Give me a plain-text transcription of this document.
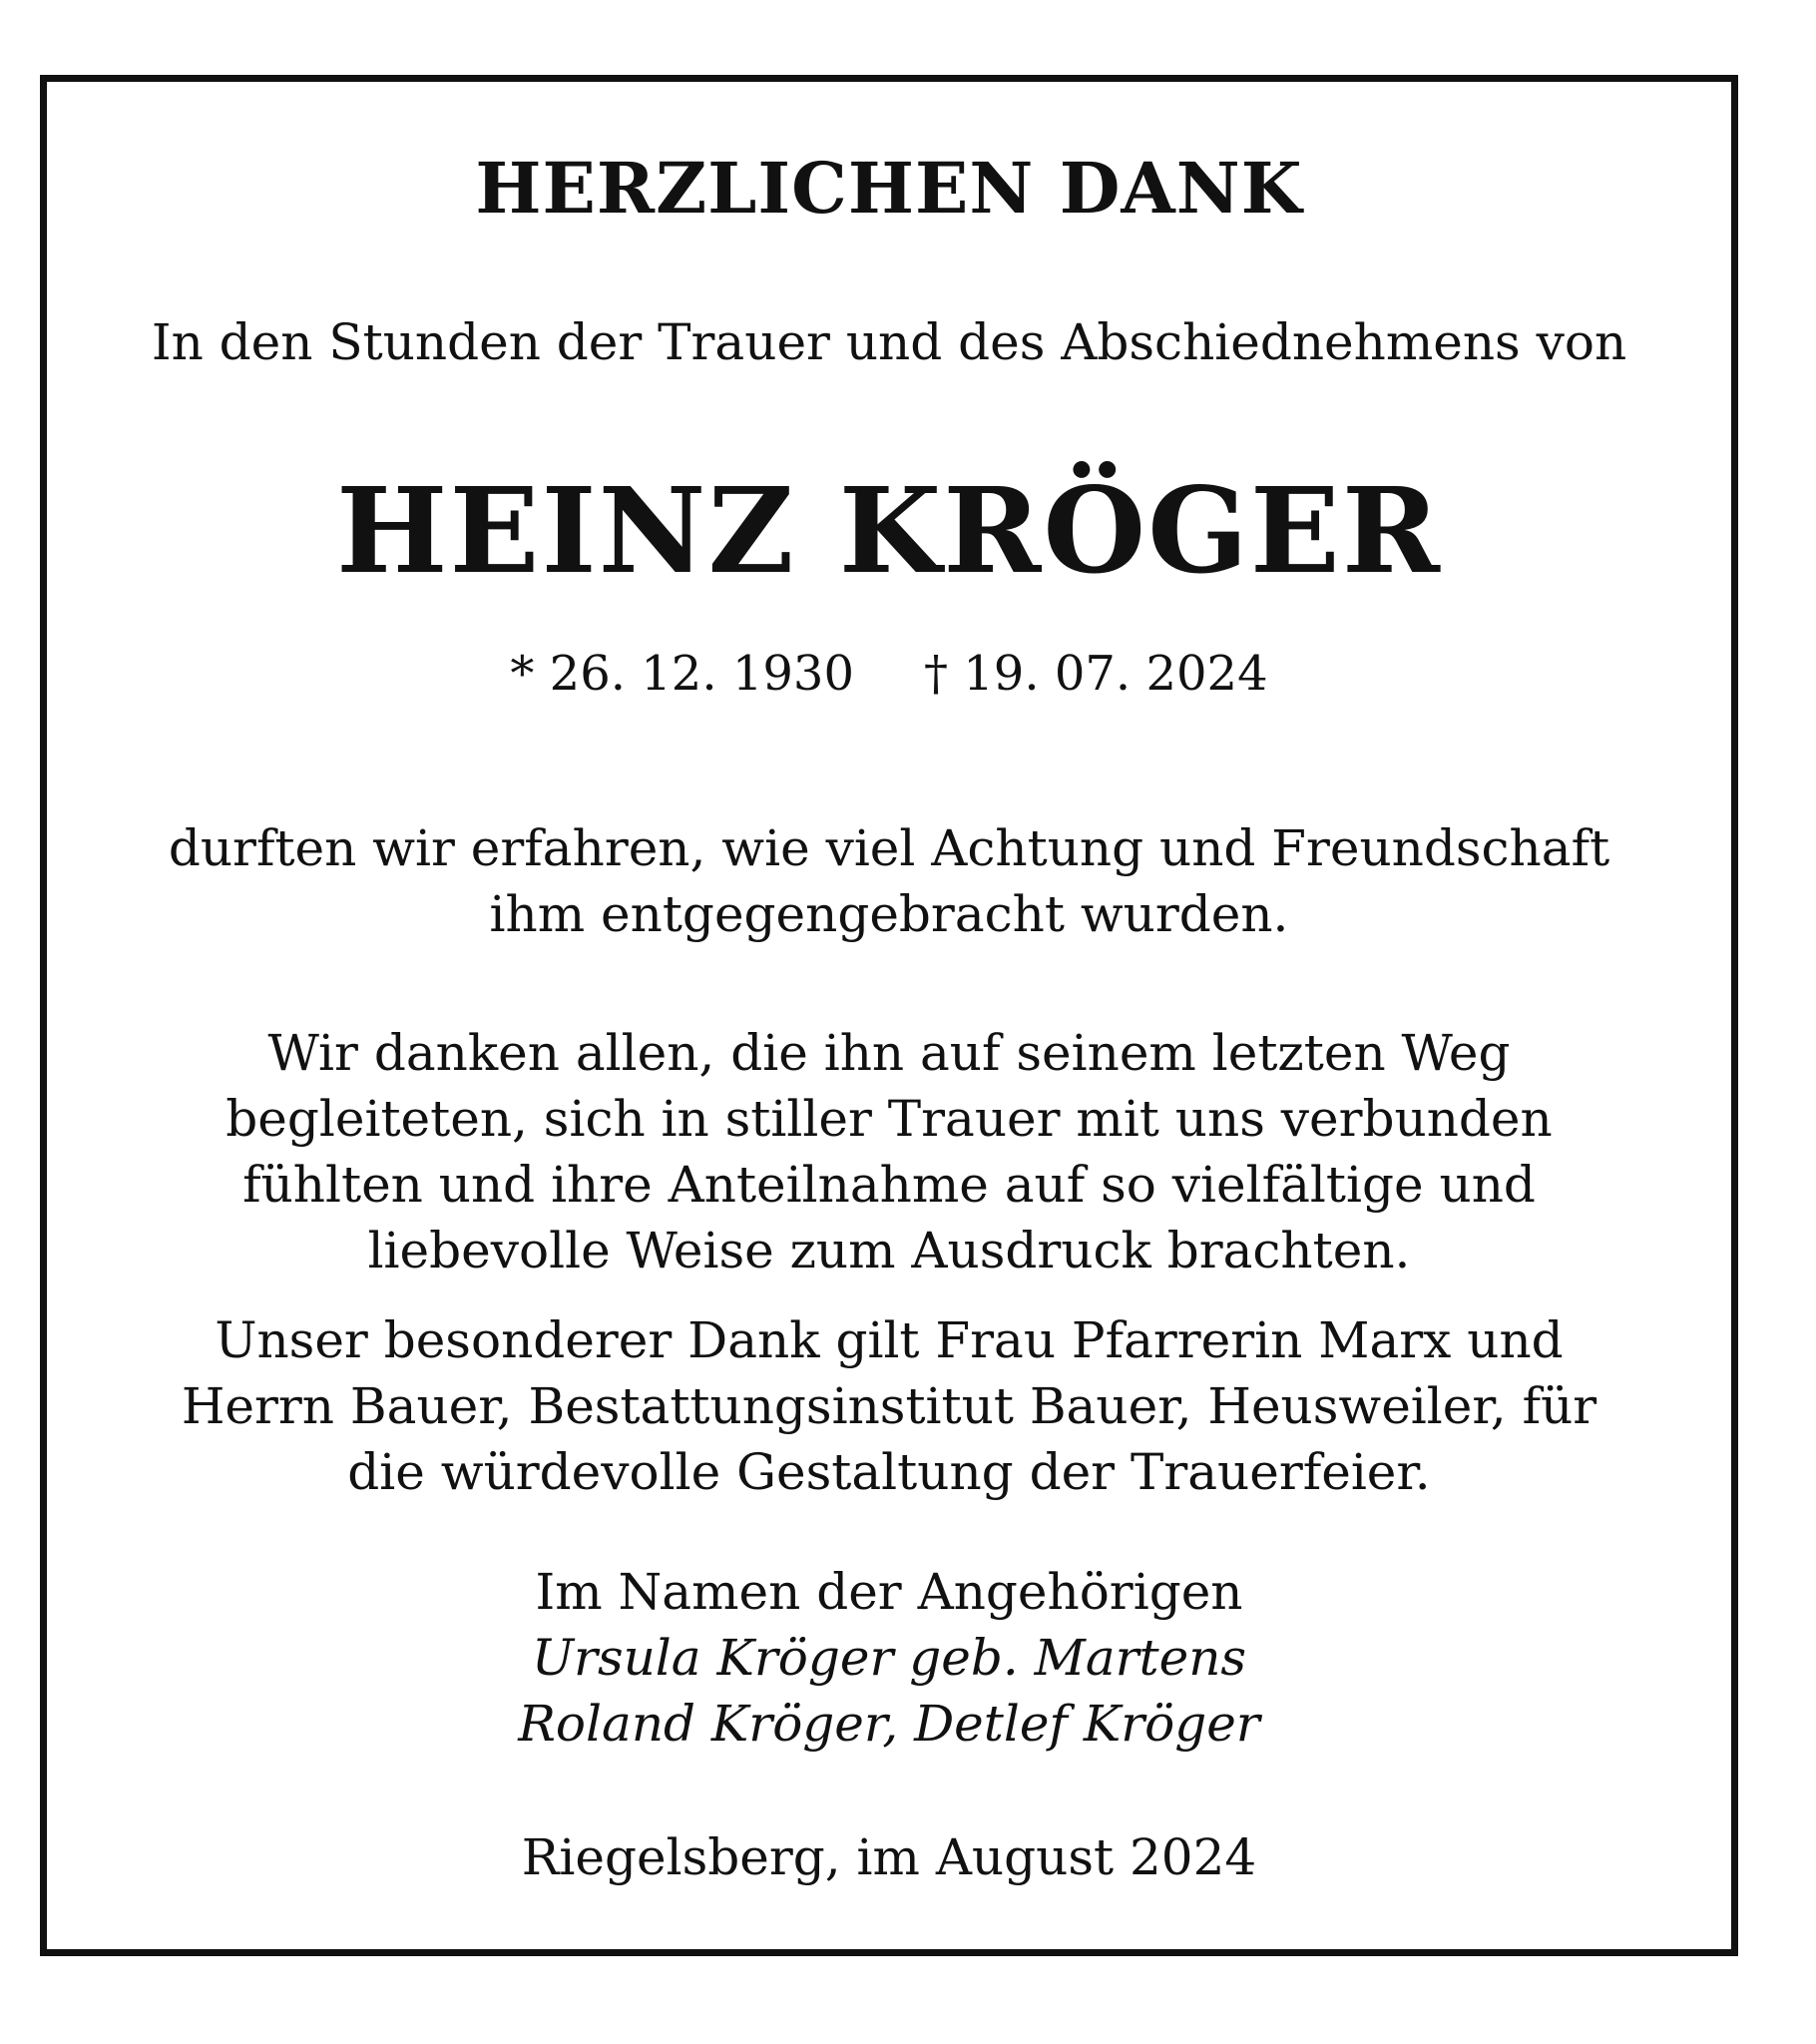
HERZLICHEN DANK
In den Stunden der Trauer und des Abschiednehmens von
HEINZ KRÖGER
* 26. 12. 1930 † 19. 07. 2024
durften wir erfahren, wie viel Achtung und Freundschaft
ihm entgegengebracht wurden.
Wir danken allen, die ihn auf seinem letzten Weg
begleiteten, sich in stiller Trauer mit uns verbunden
fühlten und ihre Anteilnahme auf so vielfältige und
liebevolle Weise zum Ausdruck brachten.
Unser besonderer Dank gilt Frau Pfarrerin Marx und
Herrn Bauer, Bestattungsinstitut Bauer, Heusweiler, für
die würdevolle Gestaltung der Trauerfeier.
Im Namen der Angehörigen
Ursula Kröger geb. Martens
Roland Kröger, Detlef Kröger
Riegelsberg, im August 2024
